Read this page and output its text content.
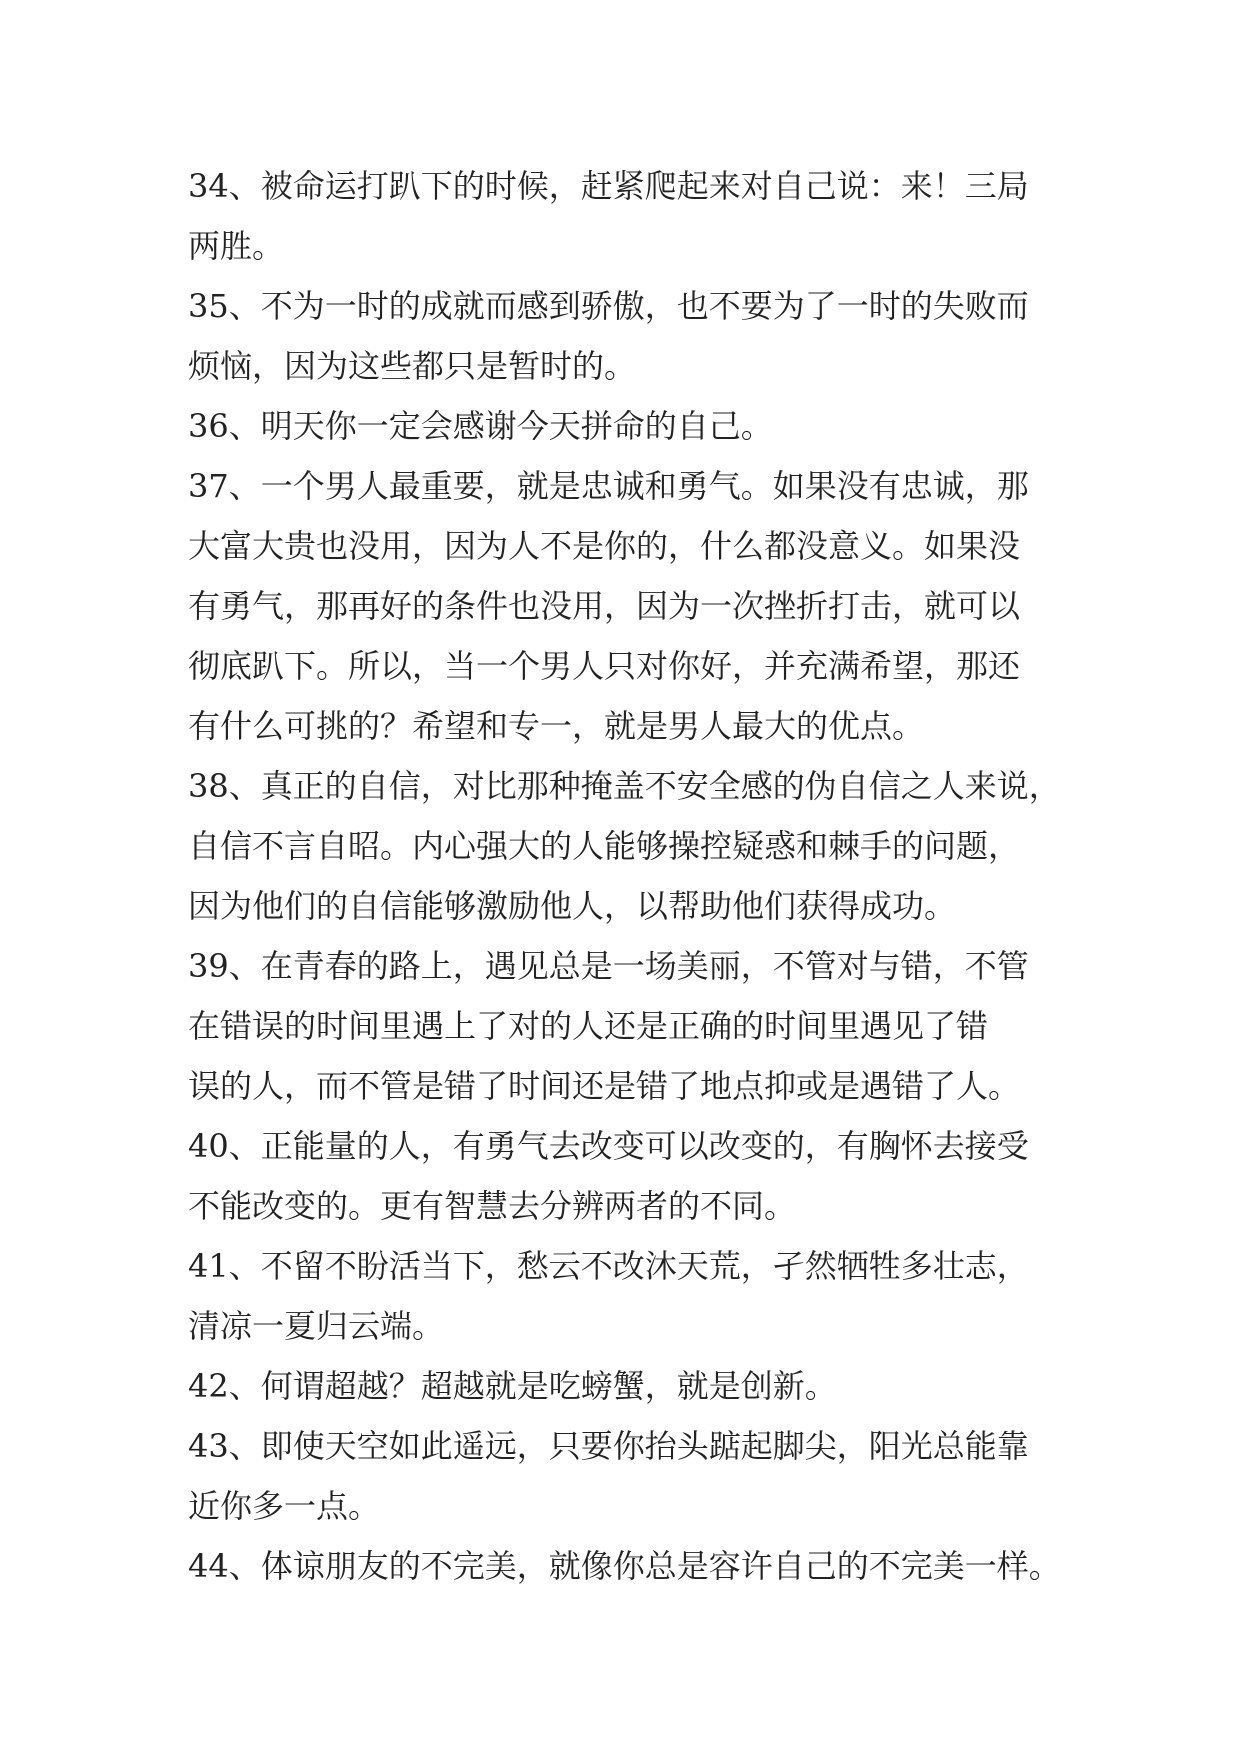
34、被命运打趴下的时候，赶紧爬起来对自己说：来！三局
两胜。
35、不为一时的成就而感到骄傲，也不要为了一时的失败而
烦恼，因为这些都只是暂时的。
36、明天你一定会感谢今天拼命的自己。
37、一个男人最重要，就是忠诚和勇气。如果没有忠诚，那
大富大贵也没用，因为人不是你的，什么都没意义。如果没
有勇气，那再好的条件也没用，因为一次挫折打击，就可以
彻底趴下。所以，当一个男人只对你好，并充满希望，那还
有什么可挑的？希望和专一，就是男人最大的优点。
38、真正的自信，对比那种掩盖不安全感的伪自信之人来说，
自信不言自昭。内心强大的人能够操控疑惑和棘手的问题，
因为他们的自信能够激励他人，以帮助他们获得成功。
39、在青春的路上，遇见总是一场美丽，不管对与错，不管
在错误的时间里遇上了对的人还是正确的时间里遇见了错
误的人，而不管是错了时间还是错了地点抑或是遇错了人。
40、正能量的人，有勇气去改变可以改变的，有胸怀去接受
不能改变的。更有智慧去分辨两者的不同。
41、不留不盼活当下，愁云不改沐天荒，孑然牺牲多壮志，
清凉一夏归云端。
42、何谓超越？超越就是吃螃蟹，就是创新。
43、即使天空如此遥远，只要你抬头踮起脚尖，阳光总能靠
近你多一点。
44、体谅朋友的不完美，就像你总是容许自己的不完美一样。
